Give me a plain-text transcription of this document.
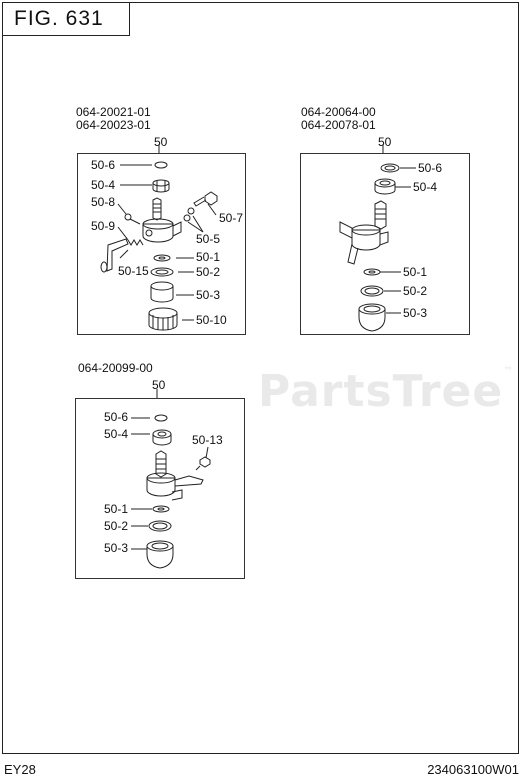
FIG. 631
PartsTree™
064-20021-01
064-20023-01
50
50-6
50-4
50-8
50-7
50-9
50-5
50-15
50-1
50-2
50-3
50-10
064-20064-00
064-20078-01
50
50-6
50-4
50-1
50-2
50-3
064-20099-00
50
50-6
50-4	50-13
50-1
50-2
50-3
EY28	234063100W01
